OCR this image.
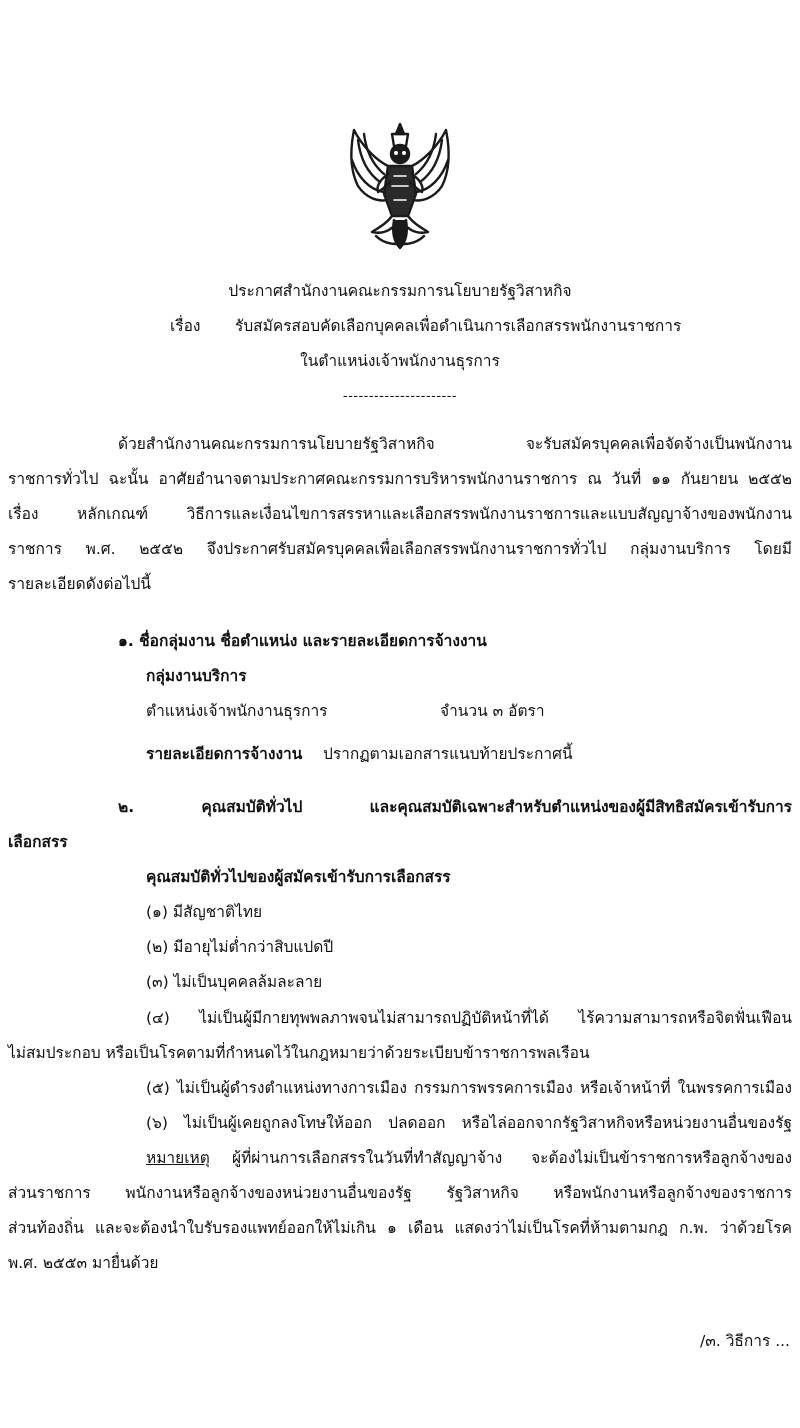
ประกาศสำนักงานคณะกรรมการนโยบายรัฐวิสาหกิจ
เรื่อง รับสมัครสอบคัดเลือกบุคคลเพื่อดำเนินการเลือกสรรพนักงานราชการ
ในตำแหน่งเจ้าพนักงานธุรการ
----------------------
ด้วยสำนักงานคณะกรรมการนโยบายรัฐวิสาหกิจ จะรับสมัครบุคคลเพื่อจัดจ้างเป็นพนักงาน
ราชการทั่วไป ฉะนั้น อาศัยอำนาจตามประกาศคณะกรรมการบริหารพนักงานราชการ ณ วันที่ ๑๑ กันยายน ๒๕๕๒
เรื่อง หลักเกณฑ์ วิธีการและเงื่อนไขการสรรหาและเลือกสรรพนักงานราชการและแบบสัญญาจ้างของพนักงาน
ราชการ พ.ศ. ๒๕๕๒ จึงประกาศรับสมัครบุคคลเพื่อเลือกสรรพนักงานราชการทั่วไป กลุ่มงานบริการ โดยมี
รายละเอียดดังต่อไปนี้
๑. ชื่อกลุ่มงาน ชื่อตำแหน่ง และรายละเอียดการจ้างงาน
กลุ่มงานบริการ
ตำแหน่งเจ้าพนักงานธุรการ	จำนวน ๓ อัตรา
รายละเอียดการจ้างงาน ปรากฏตามเอกสารแนบท้ายประกาศนี้
๒. คุณสมบัติทั่วไป และคุณสมบัติเฉพาะสำหรับตำแหน่งของผู้มีสิทธิสมัครเข้ารับการ
เลือกสรร
คุณสมบัติทั่วไปของผู้สมัครเข้ารับการเลือกสรร
(๑) มีสัญชาติไทย
(๒) มีอายุไม่ต่ำกว่าสิบแปดปี
(๓) ไม่เป็นบุคคลล้มละลาย
(๔) ไม่เป็นผู้มีกายทุพพลภาพจนไม่สามารถปฏิบัติหน้าที่ได้ ไร้ความสามารถหรือจิตฟั่นเฟือน
ไม่สมประกอบ หรือเป็นโรคตามที่กำหนดไว้ในกฎหมายว่าด้วยระเบียบข้าราชการพลเรือน
(๕) ไม่เป็นผู้ดำรงตำแหน่งทางการเมือง กรรมการพรรคการเมือง หรือเจ้าหน้าที่ ในพรรคการเมือง
(๖) ไม่เป็นผู้เคยถูกลงโทษให้ออก ปลดออก หรือไล่ออกจากรัฐวิสาหกิจหรือหน่วยงานอื่นของรัฐ
หมายเหตุ ผู้ที่ผ่านการเลือกสรรในวันที่ทำสัญญาจ้าง จะต้องไม่เป็นข้าราชการหรือลูกจ้างของ
ส่วนราชการ พนักงานหรือลูกจ้างของหน่วยงานอื่นของรัฐ รัฐวิสาหกิจ หรือพนักงานหรือลูกจ้างของราชการ
ส่วนท้องถิ่น และจะต้องนำใบรับรองแพทย์ออกให้ไม่เกิน ๑ เดือน แสดงว่าไม่เป็นโรคที่ห้ามตามกฎ ก.พ. ว่าด้วยโรค
พ.ศ. ๒๕๕๓ มายื่นด้วย
/๓. วิธีการ ...
